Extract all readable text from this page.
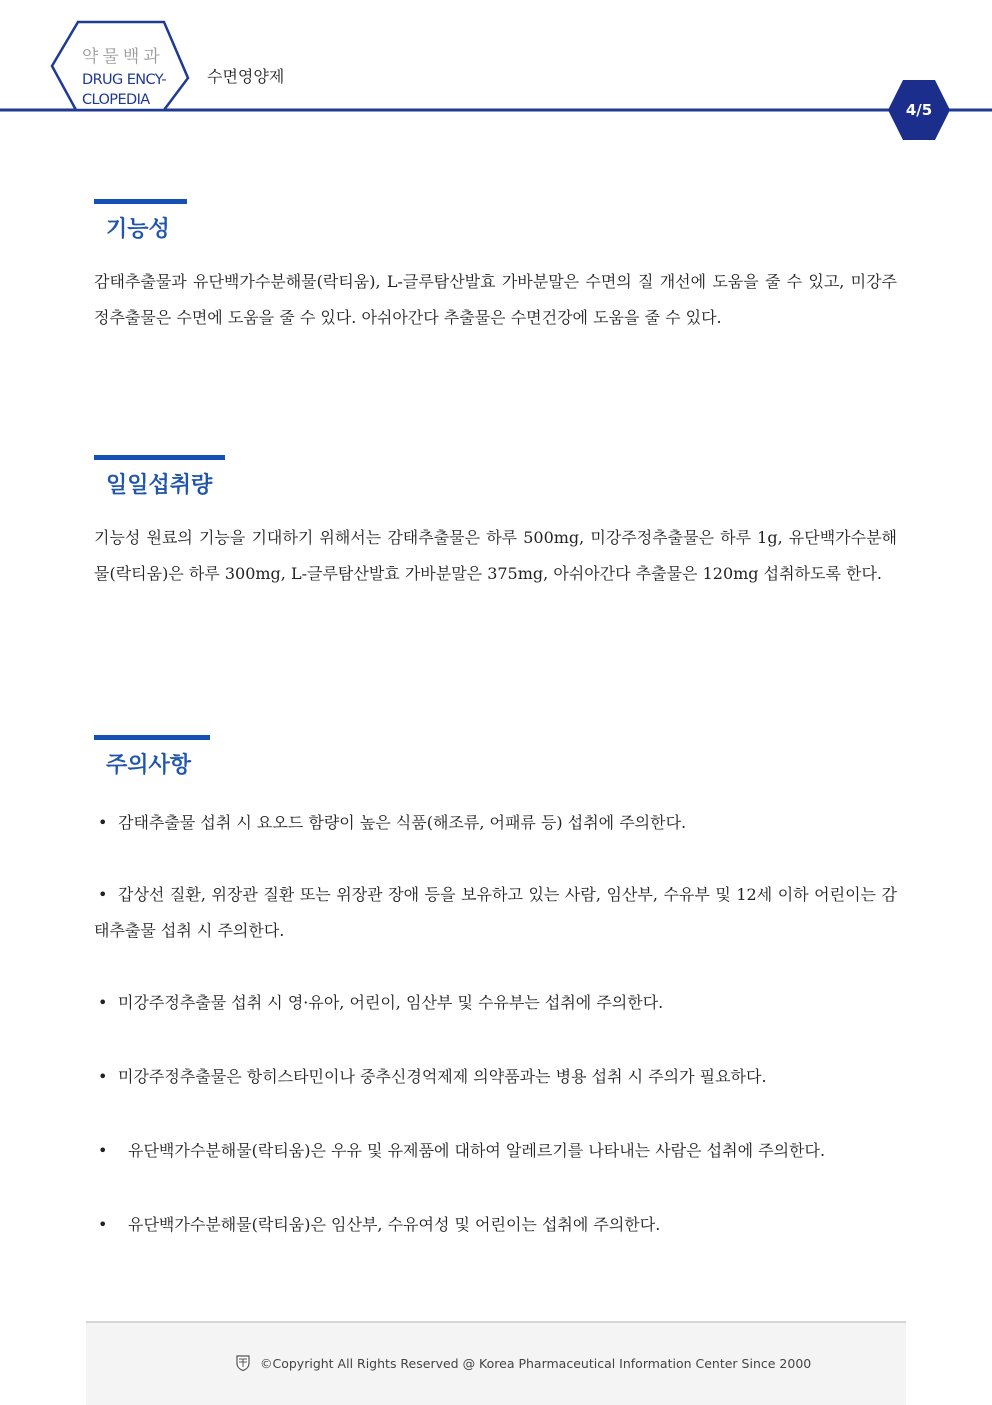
약물백과
DRUG ENCY-
CLOPEDIA
수면영양제
4/5
기능성

감태추출물과 유단백가수분해물(락티움), L-글루탐산발효 가바분말은 수면의 질 개선에 도움을 줄 수 있고, 미강주정추출물은 수면에 도움을 줄 수 있다. 아쉬아간다 추출물은 수면건강에 도움을 줄 수 있다.

일일섭취량

기능성 원료의 기능을 기대하기 위해서는 감태추출물은 하루 500mg, 미강주정추출물은 하루 1g, 유단백가수분해물(락티움)은 하루 300mg, L-글루탐산발효 가바분말은 375mg, 아쉬아간다 추출물은 120mg 섭취하도록 한다.

주의사항
• 감태추출물 섭취 시 요오드 함량이 높은 식품(해조류, 어패류 등) 섭취에 주의한다.
• 갑상선 질환, 위장관 질환 또는 위장관 장애 등을 보유하고 있는 사람, 임산부, 수유부 및 12세 이하 어린이는 감태추출물 섭취 시 주의한다.
• 미강주정추출물 섭취 시 영·유아, 어린이, 임산부 및 수유부는 섭취에 주의한다.
• 미강주정추출물은 항히스타민이나 중추신경억제제 의약품과는 병용 섭취 시 주의가 필요하다.
• 유단백가수분해물(락티움)은 우유 및 유제품에 대하여 알레르기를 나타내는 사람은 섭취에 주의한다.
• 유단백가수분해물(락티움)은 임산부, 수유여성 및 어린이는 섭취에 주의한다.
©Copyright All Rights Reserved @ Korea Pharmaceutical Information Center Since 2000
